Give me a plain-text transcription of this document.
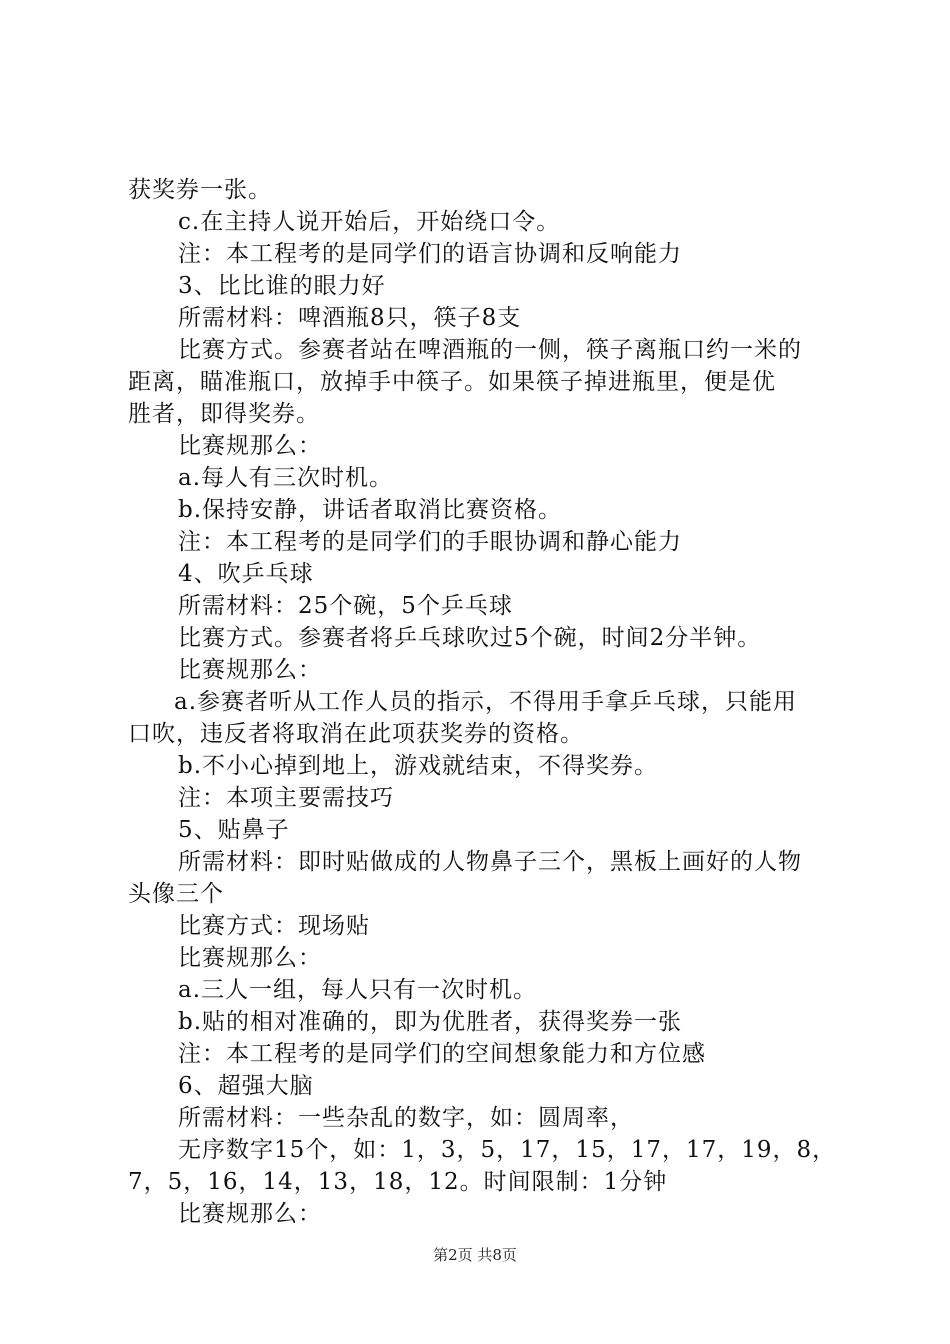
获奖券一张。
c.在主持人说开始后，开始绕口令。
注：本工程考的是同学们的语言协调和反响能力
3、比比谁的眼力好
所需材料：啤酒瓶8只，筷子8支
比赛方式。参赛者站在啤酒瓶的一侧，筷子离瓶口约一米的
距离，瞄准瓶口，放掉手中筷子。如果筷子掉进瓶里，便是优
胜者，即得奖券。
比赛规那么：
a.每人有三次时机。
b.保持安静，讲话者取消比赛资格。
注：本工程考的是同学们的手眼协调和静心能力
4、吹乒乓球
所需材料：25个碗，5个乒乓球
比赛方式。参赛者将乒乓球吹过5个碗，时间2分半钟。
比赛规那么：
a.参赛者听从工作人员的指示，不得用手拿乒乓球，只能用
口吹，违反者将取消在此项获奖券的资格。
b.不小心掉到地上，游戏就结束，不得奖券。
注：本项主要需技巧
5、贴鼻子
所需材料：即时贴做成的人物鼻子三个，黑板上画好的人物
头像三个
比赛方式：现场贴
比赛规那么：
a.三人一组，每人只有一次时机。
b.贴的相对准确的，即为优胜者，获得奖券一张
注：本工程考的是同学们的空间想象能力和方位感
6、超强大脑
所需材料：一些杂乱的数字，如：圆周率，
无序数字15个，如：1，3，5，17，15，17，17，19，8，
7，5，16，14，13，18，12。时间限制：1分钟
比赛规那么：
第2页 共8页
